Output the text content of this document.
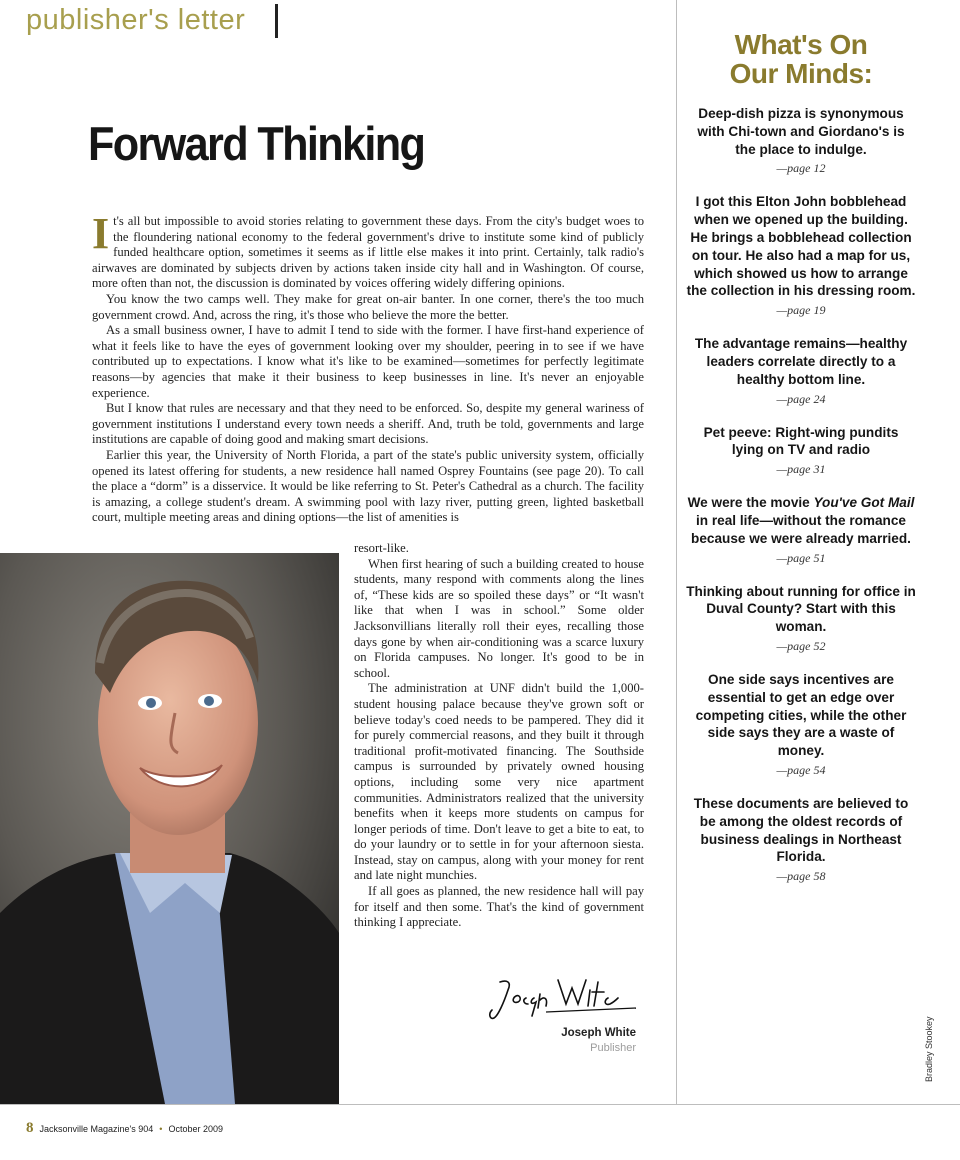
publisher's letter
Forward Thinking

It's all but impossible to avoid stories relating to government these days. From the city's budget woes to the floundering national economy to the federal government's drive to institute some kind of publicly funded healthcare option, sometimes it seems as if little else makes it into print. Certainly, talk radio's airwaves are dominated by subjects driven by actions taken inside city hall and in Washington. Of course, more often than not, the discussion is dominated by voices offering widely differing opinions.

You know the two camps well. They make for great on-air banter. In one corner, there's the too much government crowd. And, across the ring, it's those who believe the more the better.

As a small business owner, I have to admit I tend to side with the former. I have first-hand experience of what it feels like to have the eyes of government looking over my shoulder, peering in to see if we have contributed up to expectations. I know what it's like to be examined—sometimes for perfectly legitimate reasons—by agencies that make it their business to keep businesses in line. It's never an enjoyable experience.

But I know that rules are necessary and that they need to be enforced. So, despite my general wariness of government institutions I understand every town needs a sheriff. And, truth be told, governments and large institutions are capable of doing good and making smart decisions.

Earlier this year, the University of North Florida, a part of the state's public university system, officially opened its latest offering for students, a new residence hall named Osprey Fountains (see page 20). To call the place a “dorm” is a disservice. It would be like referring to St. Peter's Cathedral as a church. The facility is amazing, a college student's dream. A swimming pool with lazy river, putting green, lighted basketball court, multiple meeting areas and dining options—the list of amenities is

resort-like.

When first hearing of such a building created to house students, many respond with comments along the lines of, “These kids are so spoiled these days” or “It wasn't like that when I was in school.” Some older Jacksonvillians literally roll their eyes, recalling those days gone by when air-conditioning was a scarce luxury on Florida campuses. No longer. It's good to be in school.

The administration at UNF didn't build the 1,000-student housing palace because they've grown soft or believe today's coed needs to be pampered. They did it for purely commercial reasons, and they built it through traditional profit-motivated financing. The Southside campus is surrounded by privately owned housing options, including some very nice apartment communities. Administrators realized that the university benefits when it keeps more students on campus for longer periods of time. Don't leave to get a bite to eat, to do your laundry or to settle in for your afternoon siesta. Instead, stay on campus, along with your money for rent and late night munchies.

If all goes as planned, the new residence hall will pay for itself and then some. That's the kind of government thinking I appreciate.

Joseph White
Publisher
What's On
Our Minds:
Deep-dish pizza is synonymous with Chi-town and Giordano's is the place to indulge.
—page 12
I got this Elton John bobblehead when we opened up the building. He brings a bobblehead collection on tour. He also had a map for us, which showed us how to arrange the collection in his dressing room.
—page 19
The advantage remains—healthy leaders correlate directly to a healthy bottom line.
—page 24
Pet peeve: Right-wing pundits lying on TV and radio
—page 31
We were the movie You've Got Mail in real life—without the romance because we were already married.
—page 51
Thinking about running for office in Duval County? Start with this woman.
—page 52
One side says incentives are essential to get an edge over competing cities, while the other side says they are a waste of money.
—page 54
These documents are believed to be among the oldest records of business dealings in Northeast Florida.
—page 58
Bradley Stookey
8 Jacksonville Magazine's 904 • October 2009
